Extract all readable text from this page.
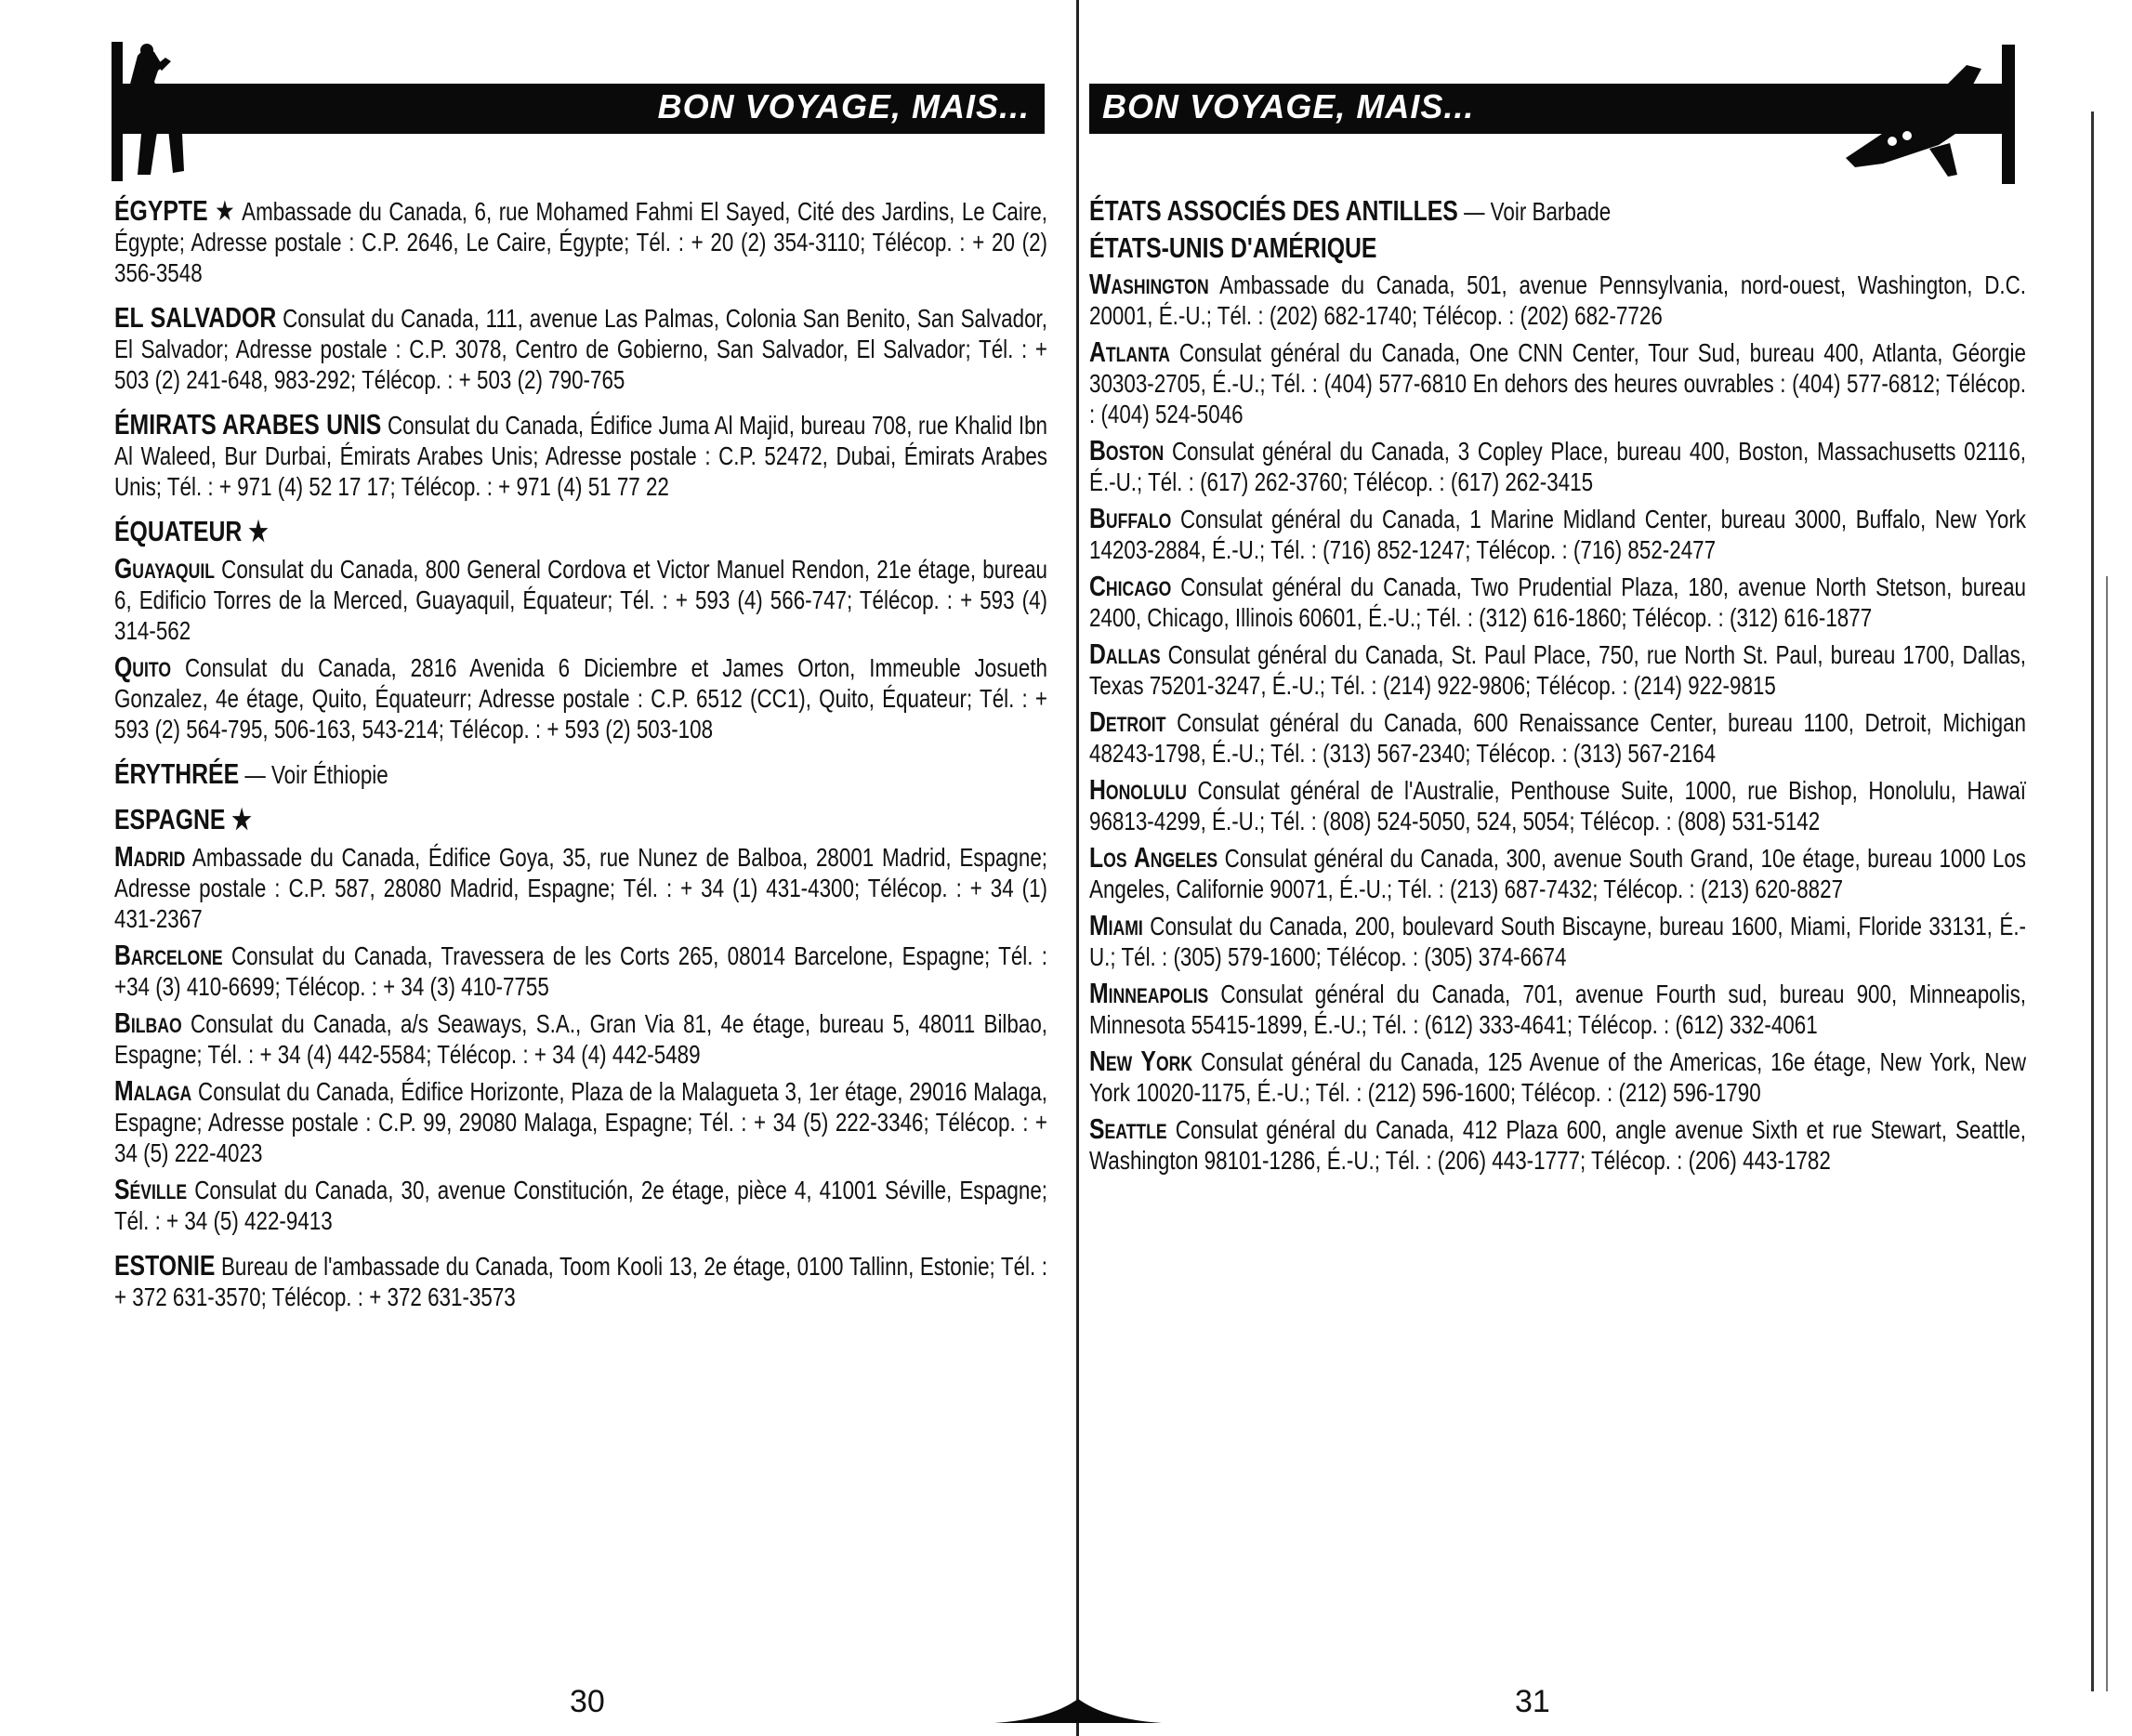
BON VOYAGE, MAIS...
30
ÉGYPTE ★ Ambassade du Canada, 6, rue Mohamed Fahmi El Sayed, Cité des Jardins, Le Caire, Égypte; Adresse postale : C.P. 2646, Le Caire, Égypte; Tél. : + 20 (2) 354-3110; Télécop. : + 20 (2) 356-3548
EL SALVADOR Consulat du Canada, 111, avenue Las Palmas, Colonia San Benito, San Salvador, El Salvador; Adresse postale : C.P. 3078, Centro de Gobierno, San Salvador, El Salvador; Tél. : + 503 (2) 241-648, 983-292; Télécop. : + 503 (2) 790-765
ÉMIRATS ARABES UNIS Consulat du Canada, Édifice Juma Al Majid, bureau 708, rue Khalid Ibn Al Waleed, Bur Durbai, Émirats Arabes Unis; Adresse postale : C.P. 52472, Dubai, Émirats Arabes Unis; Tél. : + 971 (4) 52 17 17; Télécop. : + 971 (4) 51 77 22
ÉQUATEUR ★
Guayaquil Consulat du Canada, 800 General Cordova et Victor Manuel Rendon, 21e étage, bureau 6, Edificio Torres de la Merced, Guayaquil, Équateur; Tél. : + 593 (4) 566-747; Télécop. : + 593 (4) 314-562
Quito Consulat du Canada, 2816 Avenida 6 Diciembre et James Orton, Immeuble Josueth Gonzalez, 4e étage, Quito, Équateurr; Adresse postale : C.P. 6512 (CC1), Quito, Équateur; Tél. : + 593 (2) 564-795, 506-163, 543-214; Télécop. : + 593 (2) 503-108
ÉRYTHRÉE — Voir Éthiopie
ESPAGNE ★
Madrid Ambassade du Canada, Édifice Goya, 35, rue Nunez de Balboa, 28001 Madrid, Espagne; Adresse postale : C.P. 587, 28080 Madrid, Espagne; Tél. : + 34 (1) 431-4300; Télécop. : + 34 (1) 431-2367
Barcelone Consulat du Canada, Travessera de les Corts 265, 08014 Barcelone, Espagne; Tél. : +34 (3) 410-6699; Télécop. : + 34 (3) 410-7755
Bilbao Consulat du Canada, a/s Seaways, S.A., Gran Via 81, 4e étage, bureau 5, 48011 Bilbao, Espagne; Tél. : + 34 (4) 442-5584; Télécop. : + 34 (4) 442-5489
Malaga Consulat du Canada, Édifice Horizonte, Plaza de la Malagueta 3, 1er étage, 29016 Malaga, Espagne; Adresse postale : C.P. 99, 29080 Malaga, Espagne; Tél. : + 34 (5) 222-3346; Télécop. : + 34 (5) 222-4023
Séville Consulat du Canada, 30, avenue Constitución, 2e étage, pièce 4, 41001 Séville, Espagne; Tél. : + 34 (5) 422-9413
ESTONIE Bureau de l'ambassade du Canada, Toom Kooli 13, 2e étage, 0100 Tallinn, Estonie; Tél. : + 372 631-3570; Télécop. : + 372 631-3573
BON VOYAGE, MAIS...
31
ÉTATS ASSOCIÉS DES ANTILLES — Voir Barbade
ÉTATS-UNIS D'AMÉRIQUE
Washington Ambassade du Canada, 501, avenue Pennsylvania, nord-ouest, Washington, D.C. 20001, É.-U.; Tél. : (202) 682-1740; Télécop. : (202) 682-7726
Atlanta Consulat général du Canada, One CNN Center, Tour Sud, bureau 400, Atlanta, Géorgie 30303-2705, É.-U.; Tél. : (404) 577-6810 En dehors des heures ouvrables : (404) 577-6812; Télécop. : (404) 524-5046
Boston Consulat général du Canada, 3 Copley Place, bureau 400, Boston, Massachusetts 02116, É.-U.; Tél. : (617) 262-3760; Télécop. : (617) 262-3415
Buffalo Consulat général du Canada, 1 Marine Midland Center, bureau 3000, Buffalo, New York 14203-2884, É.-U.; Tél. : (716) 852-1247; Télécop. : (716) 852-2477
Chicago Consulat général du Canada, Two Prudential Plaza, 180, avenue North Stetson, bureau 2400, Chicago, Illinois 60601, É.-U.; Tél. : (312) 616-1860; Télécop. : (312) 616-1877
Dallas Consulat général du Canada, St. Paul Place, 750, rue North St. Paul, bureau 1700, Dallas, Texas 75201-3247, É.-U.; Tél. : (214) 922-9806; Télécop. : (214) 922-9815
Detroit Consulat général du Canada, 600 Renaissance Center, bureau 1100, Detroit, Michigan 48243-1798, É.-U.; Tél. : (313) 567-2340; Télécop. : (313) 567-2164
Honolulu Consulat général de l'Australie, Penthouse Suite, 1000, rue Bishop, Honolulu, Hawaï 96813-4299, É.-U.; Tél. : (808) 524-5050, 524, 5054; Télécop. : (808) 531-5142
Los Angeles Consulat général du Canada, 300, avenue South Grand, 10e étage, bureau 1000 Los Angeles, Californie 90071, É.-U.; Tél. : (213) 687-7432; Télécop. : (213) 620-8827
Miami Consulat du Canada, 200, boulevard South Biscayne, bureau 1600, Miami, Floride 33131, É.-U.; Tél. : (305) 579-1600; Télécop. : (305) 374-6674
Minneapolis Consulat général du Canada, 701, avenue Fourth sud, bureau 900, Minneapolis, Minnesota 55415-1899, É.-U.; Tél. : (612) 333-4641; Télécop. : (612) 332-4061
New York Consulat général du Canada, 125 Avenue of the Americas, 16e étage, New York, New York 10020-1175, É.-U.; Tél. : (212) 596-1600; Télécop. : (212) 596-1790
Seattle Consulat général du Canada, 412 Plaza 600, angle avenue Sixth et rue Stewart, Seattle, Washington 98101-1286, É.-U.; Tél. : (206) 443-1777; Télécop. : (206) 443-1782
